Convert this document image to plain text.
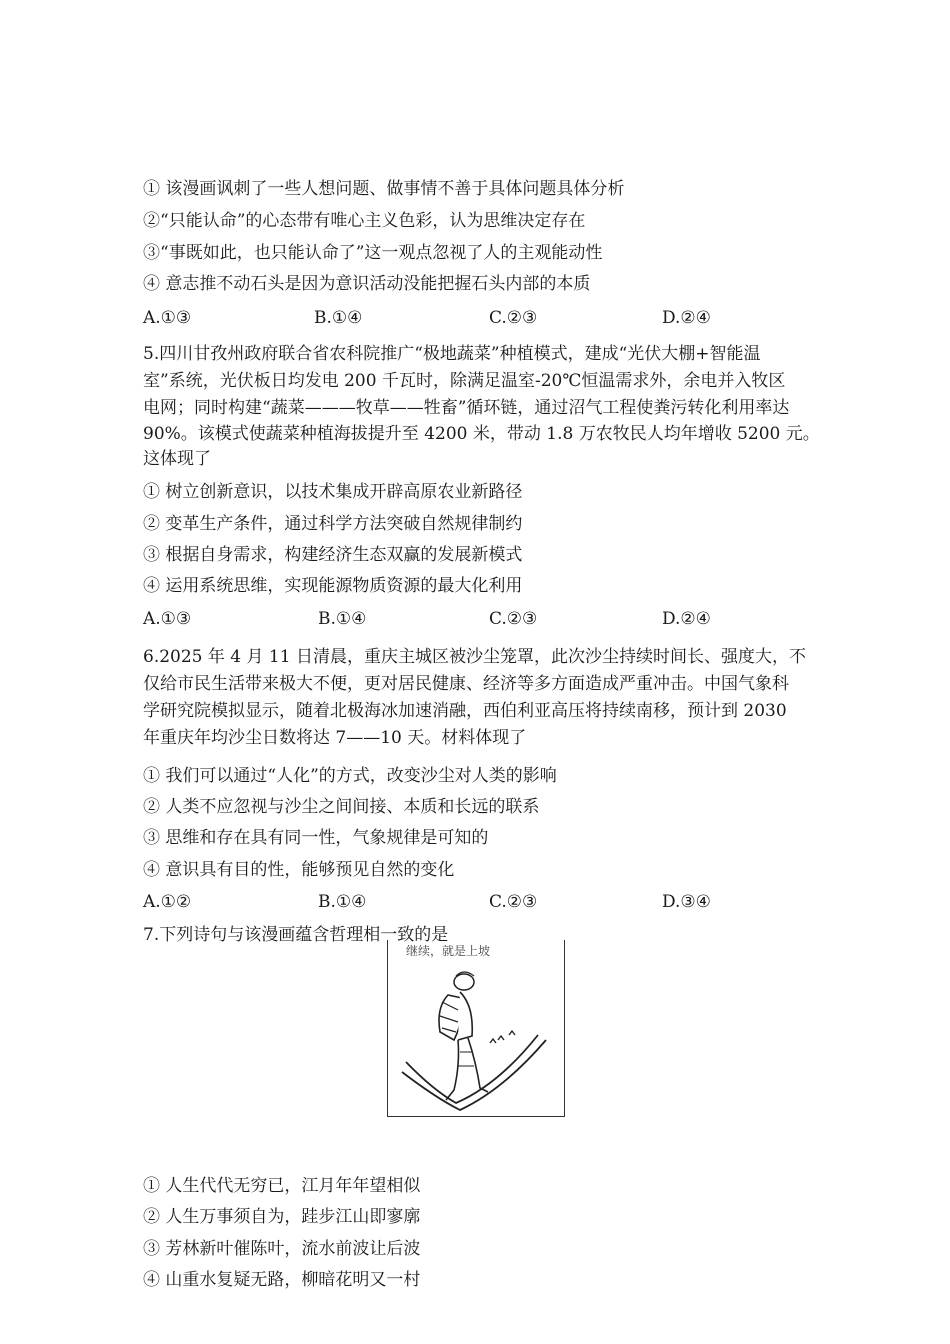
① 该漫画讽刺了一些人想问题、做事情不善于具体问题具体分析
②“只能认命”的心态带有唯心主义色彩，认为思维决定存在
③“事既如此，也只能认命了”这一观点忽视了人的主观能动性
④ 意志推不动石头是因为意识活动没能把握石头内部的本质
A.①③	B.①④	C.②③	D.②④
5.四川甘孜州政府联合省农科院推广“极地蔬菜”种植模式，建成“光伏大棚+智能温
室”系统，光伏板日均发电 200 千瓦时，除满足温室-20℃恒温需求外，余电并入牧区
电网；同时构建“蔬菜———牧草——牲畜”循环链，通过沼气工程使粪污转化利用率达
90%。该模式使蔬菜种植海拔提升至 4200 米，带动 1.8 万农牧民人均年增收 5200 元。
这体现了
① 树立创新意识，以技术集成开辟高原农业新路径
② 变革生产条件，通过科学方法突破自然规律制约
③ 根据自身需求，构建经济生态双赢的发展新模式
④ 运用系统思维，实现能源物质资源的最大化利用
A.①③	B.①④	C.②③	D.②④
6.2025 年 4 月 11 日清晨，重庆主城区被沙尘笼罩，此次沙尘持续时间长、强度大，不
仅给市民生活带来极大不便，更对居民健康、经济等多方面造成严重冲击。中国气象科
学研究院模拟显示，随着北极海冰加速消融，西伯利亚高压将持续南移，预计到 2030
年重庆年均沙尘日数将达 7——10 天。材料体现了
① 我们可以通过“人化”的方式，改变沙尘对人类的影响
② 人类不应忽视与沙尘之间间接、本质和长远的联系
③ 思维和存在具有同一性，气象规律是可知的
④ 意识具有目的性，能够预见自然的变化
A.①②	B.①④	C.②③	D.③④
7.下列诗句与该漫画蕴含哲理相一致的是
继续，就是上坡
① 人生代代无穷已，江月年年望相似
② 人生万事须自为，跬步江山即寥廓
③ 芳林新叶催陈叶，流水前波让后波
④ 山重水复疑无路，柳暗花明又一村
